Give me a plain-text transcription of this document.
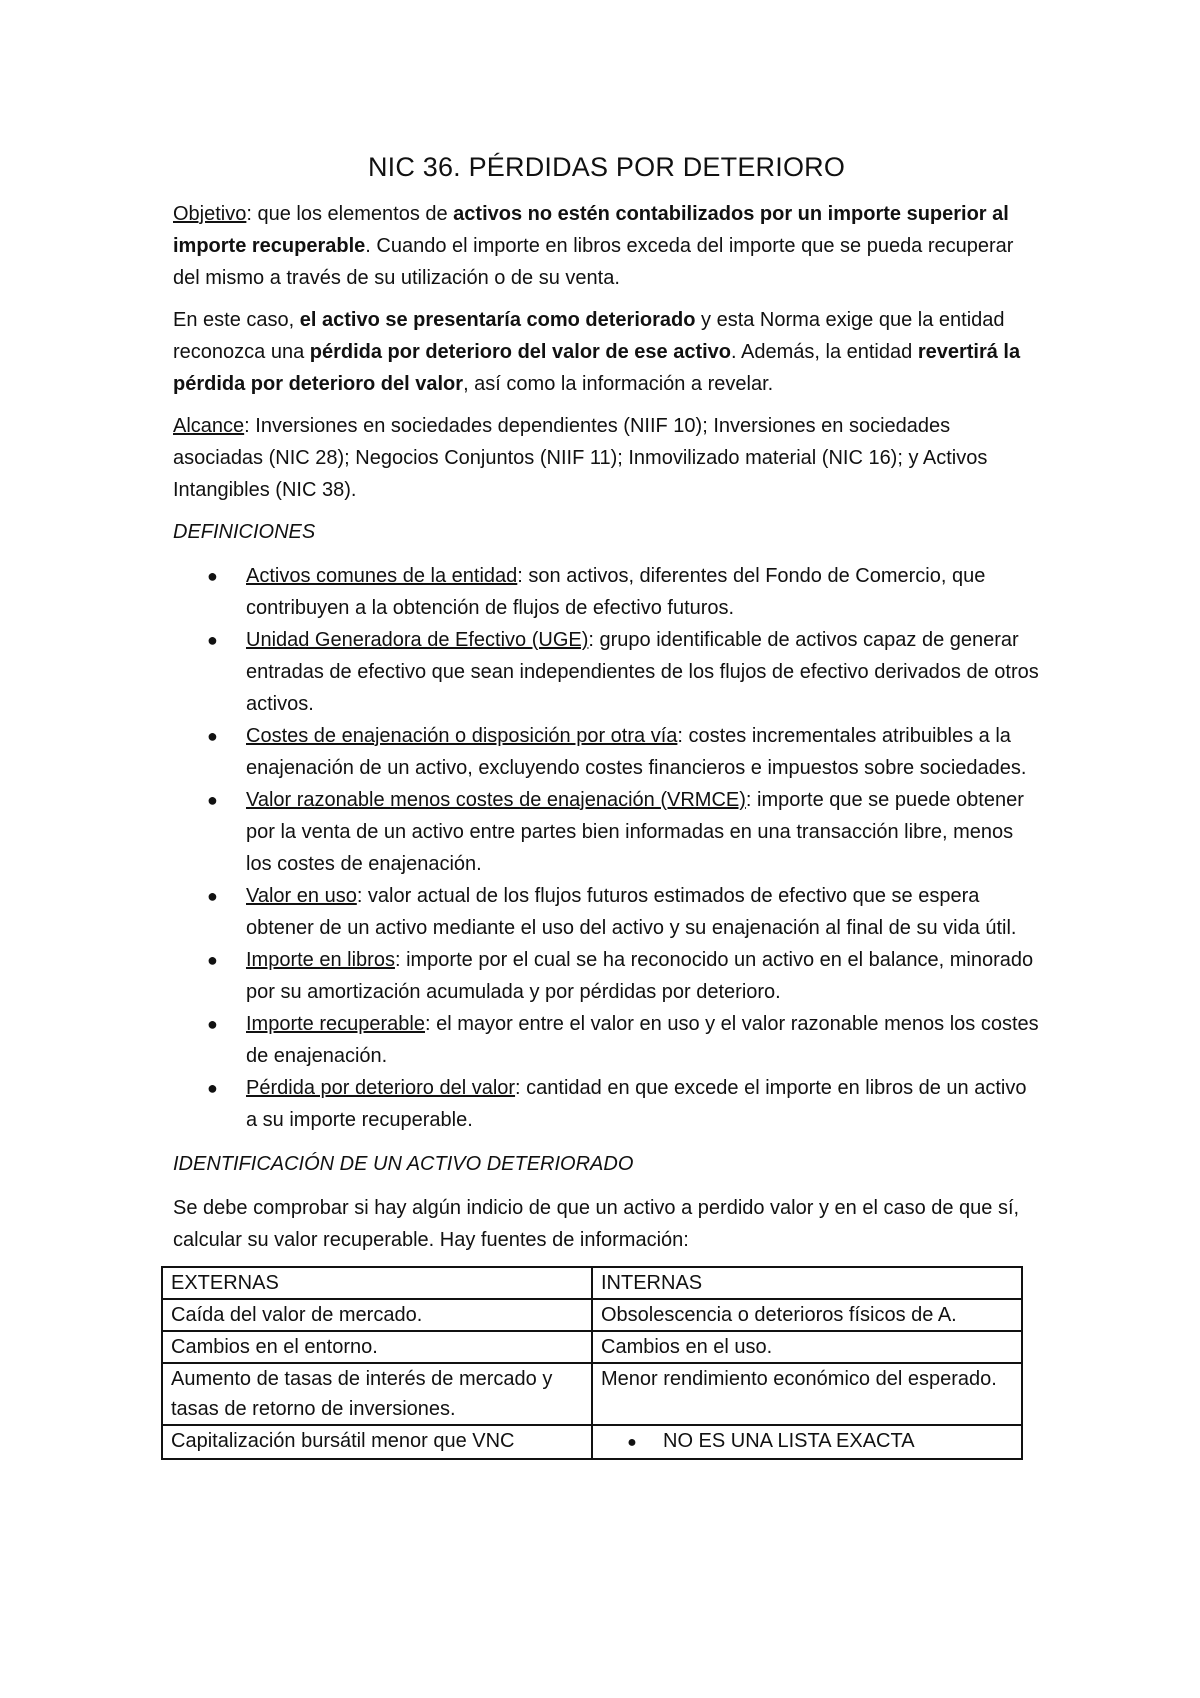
NIC 36. PÉRDIDAS POR DETERIORO

Objetivo: que los elementos de activos no estén contabilizados por un importe superior al importe recuperable. Cuando el importe en libros exceda del importe que se pueda recuperar del mismo a través de su utilización o de su venta.

En este caso, el activo se presentaría como deteriorado y esta Norma exige que la entidad reconozca una pérdida por deterioro del valor de ese activo. Además, la entidad revertirá la pérdida por deterioro del valor, así como la información a revelar.

Alcance: Inversiones en sociedades dependientes (NIIF 10); Inversiones en sociedades asociadas (NIC 28); Negocios Conjuntos (NIIF 11); Inmovilizado material (NIC 16); y Activos Intangibles (NIC 38).

DEFINICIONES

● Activos comunes de la entidad: son activos, diferentes del Fondo de Comercio, que contribuyen a la obtención de flujos de efectivo futuros.
● Unidad Generadora de Efectivo (UGE): grupo identificable de activos capaz de generar entradas de efectivo que sean independientes de los flujos de efectivo derivados de otros activos.
● Costes de enajenación o disposición por otra vía: costes incrementales atribuibles a la enajenación de un activo, excluyendo costes financieros e impuestos sobre sociedades.
● Valor razonable menos costes de enajenación (VRMCE): importe que se puede obtener por la venta de un activo entre partes bien informadas en una transacción libre, menos los costes de enajenación.
● Valor en uso: valor actual de los flujos futuros estimados de efectivo que se espera obtener de un activo mediante el uso del activo y su enajenación al final de su vida útil.
● Importe en libros: importe por el cual se ha reconocido un activo en el balance, minorado por su amortización acumulada y por pérdidas por deterioro.
● Importe recuperable: el mayor entre el valor en uso y el valor razonable menos los costes de enajenación.
● Pérdida por deterioro del valor: cantidad en que excede el importe en libros de un activo a su importe recuperable.

IDENTIFICACIÓN DE UN ACTIVO DETERIORADO

Se debe comprobar si hay algún indicio de que un activo a perdido valor y en el caso de que sí, calcular su valor recuperable. Hay fuentes de información:

EXTERNAS	INTERNAS
Caída del valor de mercado.	Obsolescencia o deterioros físicos de A.
Cambios en el entorno.	Cambios en el uso.
Aumento de tasas de interés de mercado y tasas de retorno de inversiones.	Menor rendimiento económico del esperado.
Capitalización bursátil menor que VNC	● NO ES UNA LISTA EXACTA
